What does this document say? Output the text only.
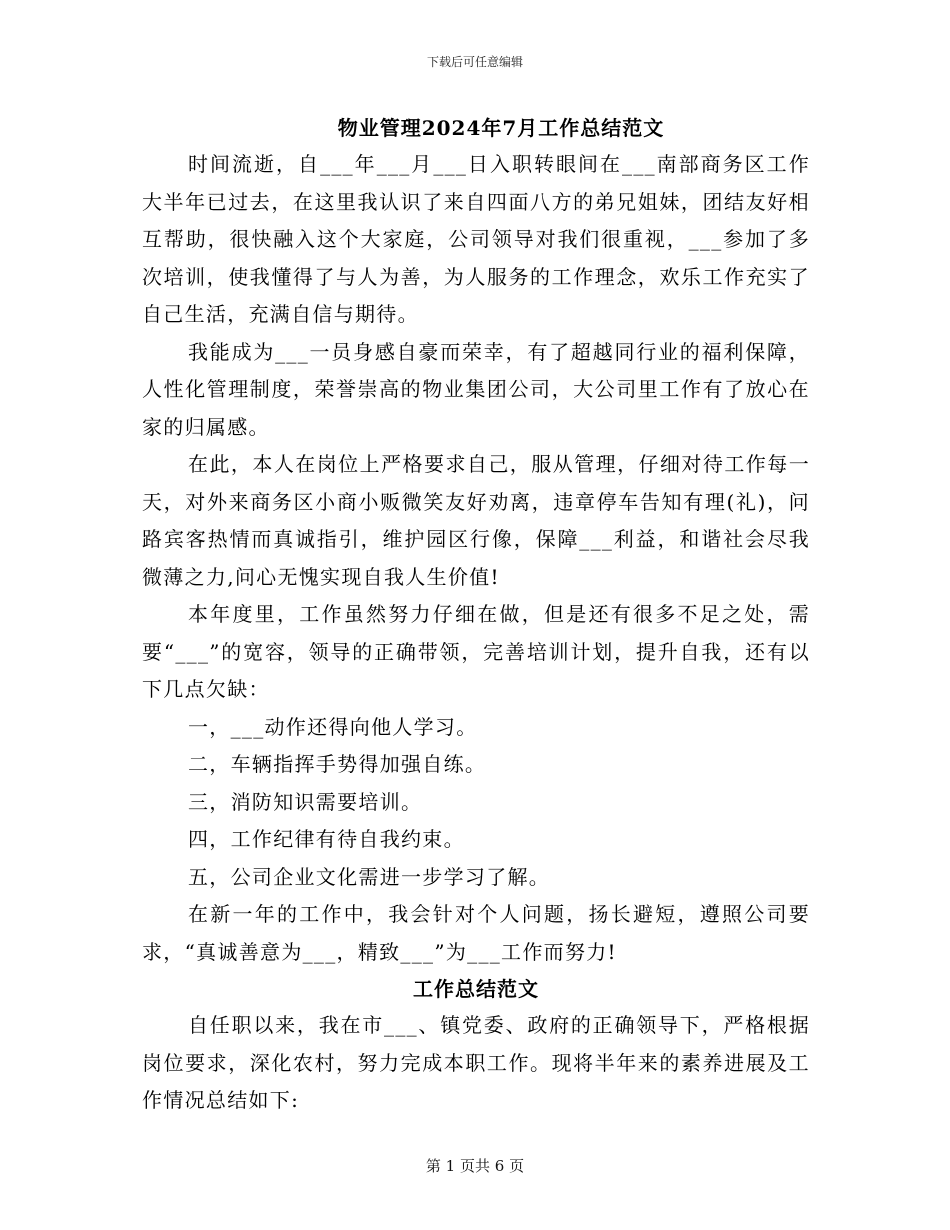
下载后可任意编辑
物业管理2024年7月工作总结范文

时间流逝，自___年___月___日入职转眼间在___南部商务区工作大半年已过去，在这里我认识了来自四面八方的弟兄姐妹，团结友好相互帮助，很快融入这个大家庭，公司领导对我们很重视，___参加了多次培训，使我懂得了与人为善，为人服务的工作理念，欢乐工作充实了自己生活，充满自信与期待。

我能成为___一员身感自豪而荣幸，有了超越同行业的福利保障，人性化管理制度，荣誉崇高的物业集团公司，大公司里工作有了放心在家的归属感。

在此，本人在岗位上严格要求自己，服从管理，仔细对待工作每一天，对外来商务区小商小贩微笑友好劝离，违章停车告知有理(礼)，问路宾客热情而真诚指引，维护园区行像，保障___利益，和谐社会尽我微薄之力,问心无愧实现自我人生价值!

本年度里，工作虽然努力仔细在做，但是还有很多不足之处，需要“___”的宽容，领导的正确带领，完善培训计划，提升自我，还有以下几点欠缺：

一，___动作还得向他人学习。

二，车辆指挥手势得加强自练。

三，消防知识需要培训。

四，工作纪律有待自我约束。

五，公司企业文化需进一步学习了解。

在新一年的工作中，我会针对个人问题，扬长避短，遵照公司要求，“真诚善意为___，精致___”为___工作而努力!

工作总结范文

自任职以来，我在市___、镇党委、政府的正确领导下，严格根据岗位要求，深化农村，努力完成本职工作。现将半年来的素养进展及工作情况总结如下:

第 1 页共 6 页
